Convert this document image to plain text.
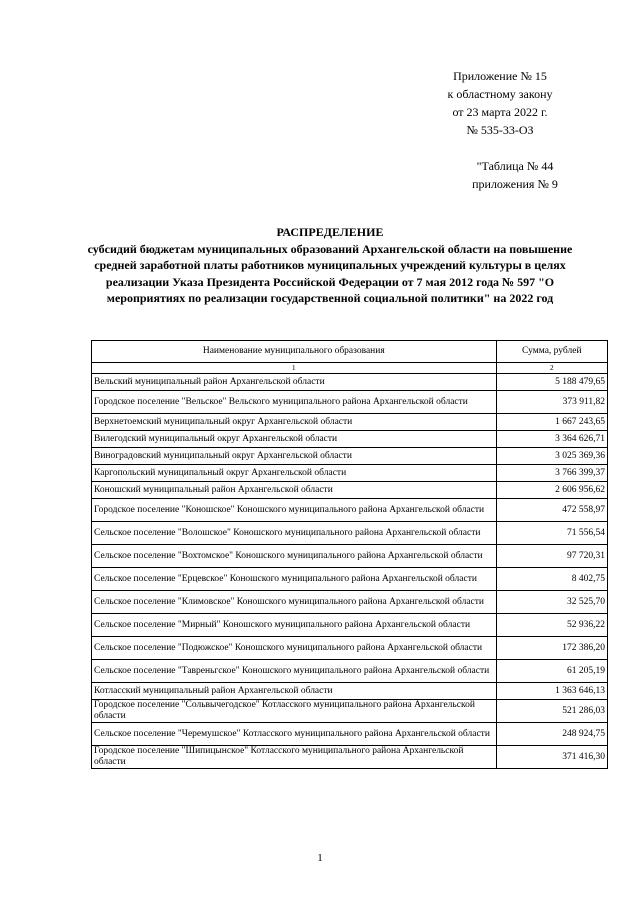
Приложение № 15
к областному закону
от 23 марта 2022 г.
№ 535-33-ОЗ
"Таблица № 44
приложения № 9
РАСПРЕДЕЛЕНИЕ
субсидий бюджетам муниципальных образований Архангельской области на повышение средней заработной платы работников муниципальных учреждений культуры в целях реализации Указа Президента Российской Федерации от 7 мая 2012 года № 597 "О мероприятиях по реализации государственной социальной политики" на 2022 год
Наименование муниципального образования	Сумма, рублей
1	2
Вельский муниципальный район Архангельской области	5 188 479,65
Городское поселение "Вельское" Вельского муниципального района Архангельской области	373 911,82
Верхнетоемский муниципальный округ Архангельской области	1 667 243,65
Вилегодский муниципальный округ Архангельской области	3 364 626,71
Виноградовский муниципальный округ Архангельской области	3 025 369,36
Каргопольский муниципальный округ Архангельской области	3 766 399,37
Коношский муниципальный район Архангельской области	2 606 956,62
Городское поселение "Коношское" Коношского муниципального района Архангельской области	472 558,97
Сельское поселение "Волошское" Коношского муниципального района Архангельской области	71 556,54
Сельское поселение "Вохтомское" Коношского муниципального района Архангельской области	97 720,31
Сельское поселение "Ерцевское" Коношского муниципального района Архангельской области	8 402,75
Сельское поселение "Климовское" Коношского муниципального района Архангельской области	32 525,70
Сельское поселение "Мирный" Коношского муниципального района Архангельской области	52 936,22
Сельское поселение "Подюжское" Коношского муниципального района Архангельской области	172 386,20
Сельское поселение "Тавреньгское" Коношского муниципального района Архангельской области	61 205,19
Котласский муниципальный район Архангельской области	1 363 646,13
Городское поселение "Сольвычегодское" Котласского муниципального района Архангельской области	521 286,03
Сельское поселение "Черемушское" Котласского муниципального района Архангельской области	248 924,75
Городское поселение "Шипицынское" Котласского муниципального района Архангельской области	371 416,30
1
